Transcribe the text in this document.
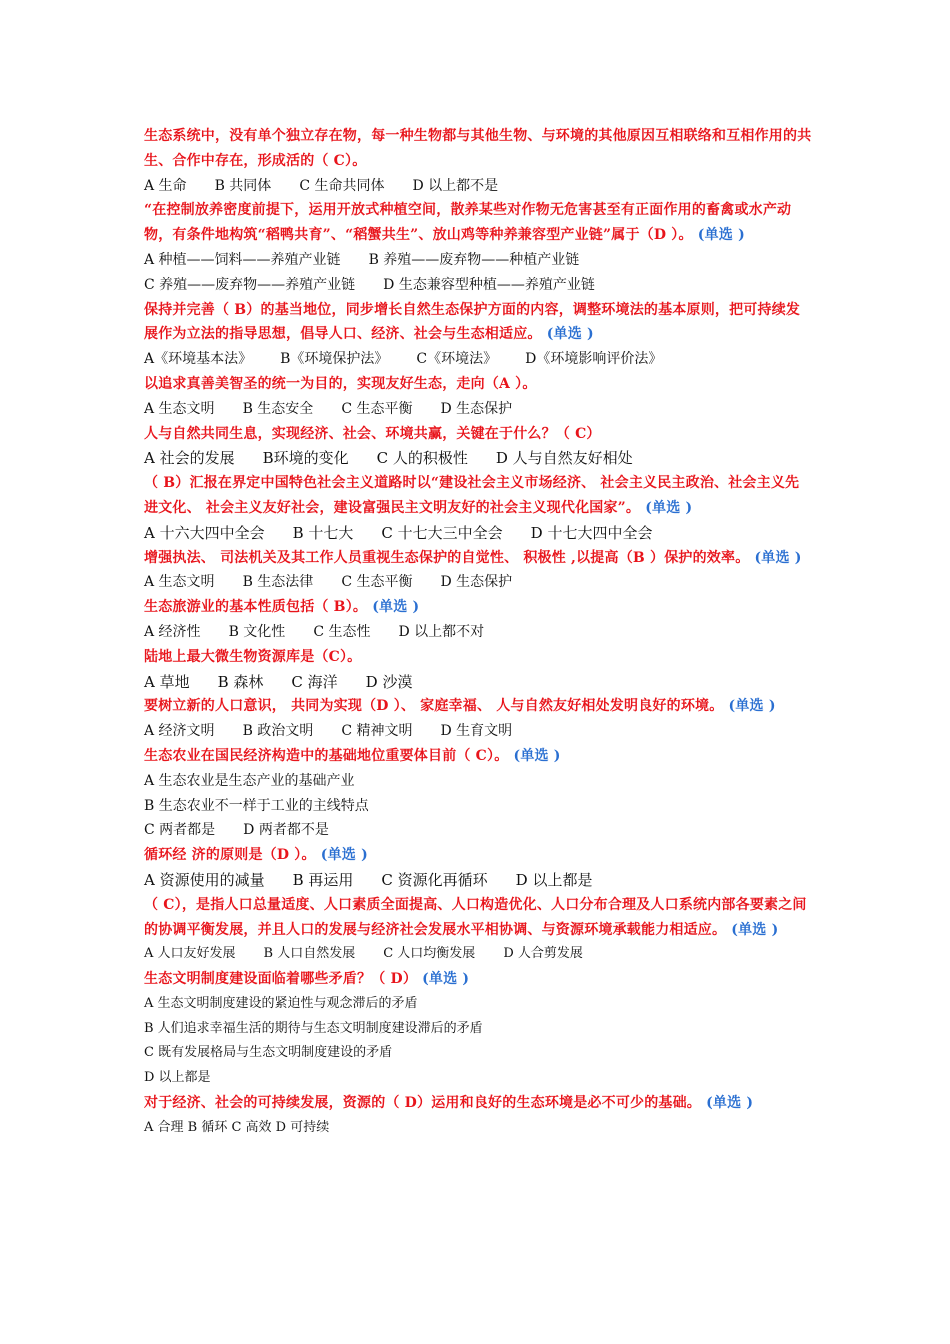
生态系统中，没有单个独立存在物，每一种生物都与其他生物、与环境的其他原因互相联络和互相作用的共生、合作中存在，形成活的（ C）。
A 生命 B 共同体 C 生命共同体 D 以上都不是
“在控制放养密度前提下，运用开放式种植空间，散养某些对作物无危害甚至有正面作用的畜禽或水产动物，有条件地构筑“稻鸭共育”、“稻蟹共生”、放山鸡等种养兼容型产业链”属于（D ）。 (单选 )
A 种植——饲料——养殖产业链 B 养殖——废弃物——种植产业链
C 养殖——废弃物——养殖产业链 D 生态兼容型种植——养殖产业链
保持并完善（ B）的基当地位，同步增长自然生态保护方面的内容，调整环境法的基本原则，把可持续发展作为立法的指导思想，倡导人口、经济、社会与生态相适应。 (单选 )
A《环境基本法》 B《环境保护法》 C《环境法》 D《环境影响评价法》
以追求真善美智圣的统一为目的，实现友好生态，走向（A ）。
A 生态文明 B 生态安全 C 生态平衡 D 生态保护
人与自然共同生息，实现经济、社会、环境共赢，关键在于什么？（ C）
A 社会的发展 B环境的变化 C 人的积极性 D 人与自然友好相处
（ B）汇报在界定中国特色社会主义道路时以“建设社会主义市场经济、 社会主义民主政治、社会主义先进文化、 社会主义友好社会，建设富强民主文明友好的社会主义现代化国家”。 (单选 )
A 十六大四中全会 B 十七大 C 十七大三中全会 D 十七大四中全会
增强执法、 司法机关及其工作人员重视生态保护的自觉性、 积极性 ,以提高（B ）保护的效率。 (单选 )
A 生态文明 B 生态法律 C 生态平衡 D 生态保护
生态旅游业的基本性质包括（ B）。 (单选 )
A 经济性 B 文化性 C 生态性 D 以上都不对
陆地上最大微生物资源库是（C）。
A 草地 B 森林 C 海洋 D 沙漠
要树立新的人口意识， 共同为实现（D ）、 家庭幸福、 人与自然友好相处发明良好的环境。 (单选 )
A 经济文明 B 政治文明 C 精神文明 D 生育文明
生态农业在国民经济构造中的基础地位重要体目前（ C）。 (单选 )
A 生态农业是生态产业的基础产业
B 生态农业不一样于工业的主线特点
C 两者都是 D 两者都不是
循环经 济的原则是（D ）。 (单选 )
A 资源使用的减量 B 再运用 C 资源化再循环 D 以上都是
（ C），是指人口总量适度、人口素质全面提高、人口构造优化、人口分布合理及人口系统内部各要素之间的协调平衡发展，并且人口的发展与经济社会发展水平相协调、与资源环境承载能力相适应。 (单选 )
A 人口友好发展 B 人口自然发展 C 人口均衡发展 D 人合剪发展
生态文明制度建设面临着哪些矛盾？（ D） (单选 )
A 生态文明制度建设的紧迫性与观念滞后的矛盾
B 人们追求幸福生活的期待与生态文明制度建设滞后的矛盾
C 既有发展格局与生态文明制度建设的矛盾
D 以上都是
对于经济、社会的可持续发展，资源的（ D）运用和良好的生态环境是必不可少的基础。 (单选 )
A 合理 B 循环 C 高效 D 可持续
